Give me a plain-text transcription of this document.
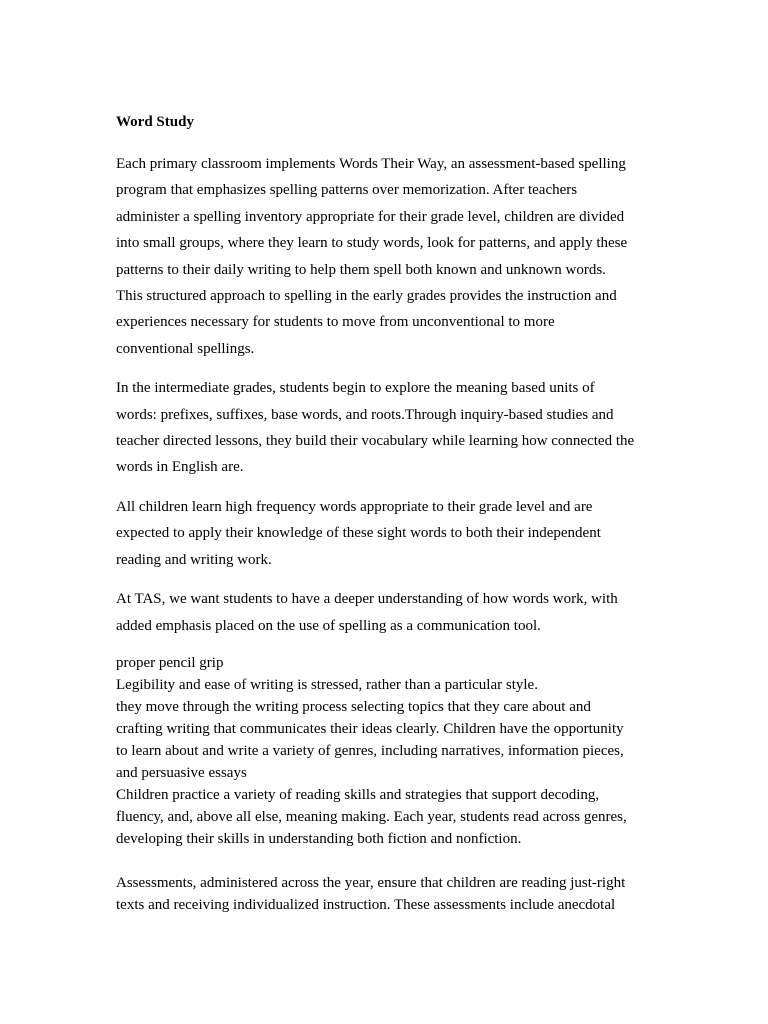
Word Study
Each primary classroom implements Words Their Way, an assessment-based spelling
program that emphasizes spelling patterns over memorization. After teachers
administer a spelling inventory appropriate for their grade level, children are divided
into small groups, where they learn to study words, look for patterns, and apply these
patterns to their daily writing to help them spell both known and unknown words.
This structured approach to spelling in the early grades provides the instruction and
experiences necessary for students to move from unconventional to more
conventional spellings.
In the intermediate grades, students begin to explore the meaning based units of
words: prefixes, suffixes, base words, and roots.Through inquiry-based studies and
teacher directed lessons, they build their vocabulary while learning how connected the
words in English are.
All children learn high frequency words appropriate to their grade level and are
expected to apply their knowledge of these sight words to both their independent
reading and writing work.
At TAS, we want students to have a deeper understanding of how words work, with
added emphasis placed on the use of spelling as a communication tool.
proper pencil grip
Legibility and ease of writing is stressed, rather than a particular style.
they move through the writing process selecting topics that they care about and
crafting writing that communicates their ideas clearly. Children have the opportunity
to learn about and write a variety of genres, including narratives, information pieces,
and persuasive essays
Children practice a variety of reading skills and strategies that support decoding,
fluency, and, above all else, meaning making. Each year, students read across genres,
developing their skills in understanding both fiction and nonfiction.
Assessments, administered across the year, ensure that children are reading just-right
texts and receiving individualized instruction. These assessments include anecdotal
